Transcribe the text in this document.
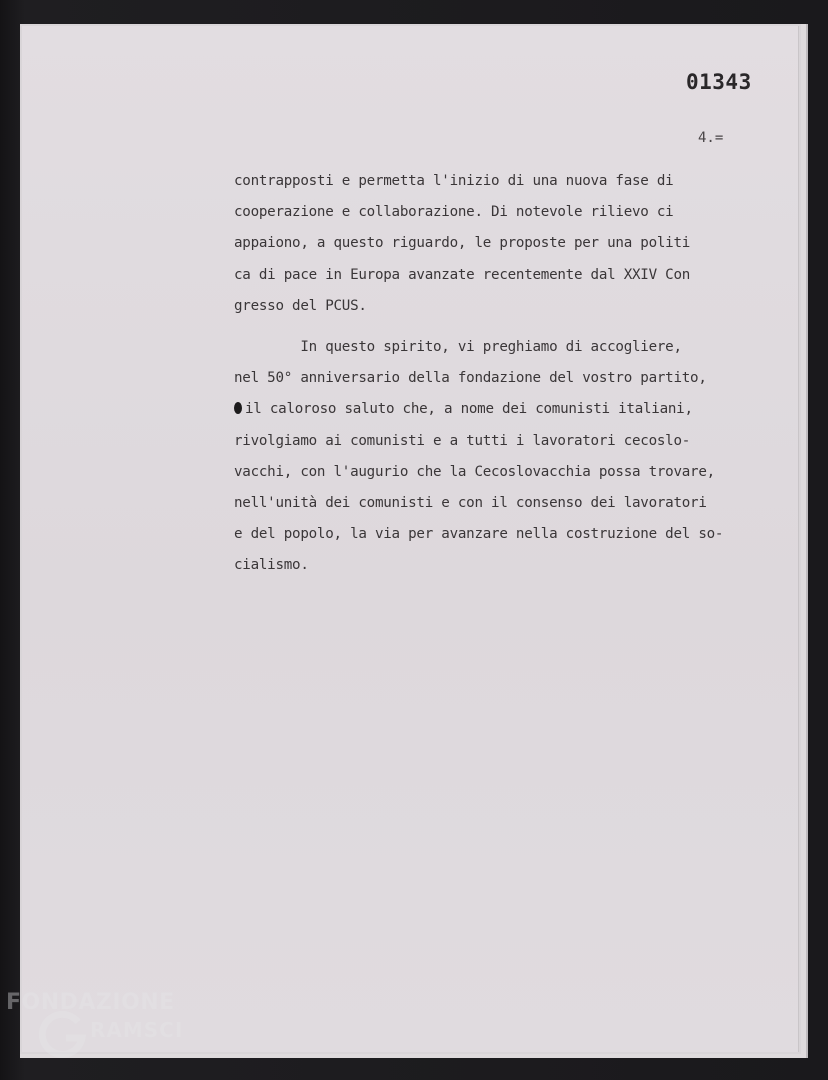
01343
4.=
contrapposti e permetta l'inizio di una nuova fase di
cooperazione e collaborazione. Di notevole rilievo ci
appaiono, a questo riguardo, le proposte per una politi
ca di pace in Europa avanzate recentemente dal XXIV Con
gresso del PCUS.
In questo spirito, vi preghiamo di accogliere,
nel 50° anniversario della fondazione del vostro partito,
il caloroso saluto che, a nome dei comunisti italiani,
rivolgiamo ai comunisti e a tutti i lavoratori cecoslo-
vacchi, con l'augurio che la Cecoslovacchia possa trovare,
nell'unità dei comunisti e con il consenso dei lavoratori
e del popolo, la via per avanzare nella costruzione del so-
cialismo.
FONDAZIONE
RAMSCI
